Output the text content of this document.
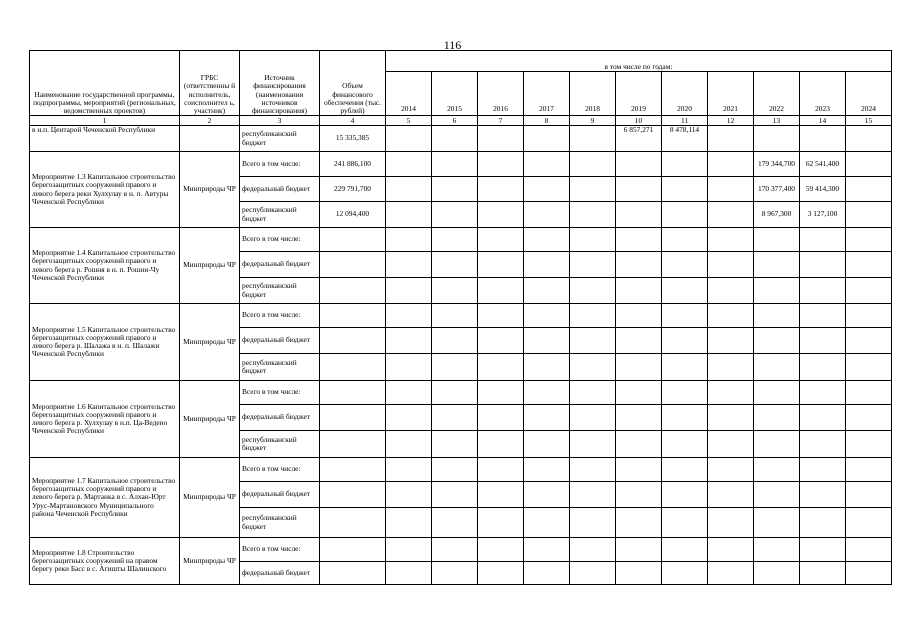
116
Наименование государственной программы, подпрограммы, мероприятий (региональных, ведомственных проектов)	ГРБС (ответственны й исполнитель, соисполнител ь, участник)	Источник финансирования (наименования источников финансирования)	Объем финансового обеспечения (тыс. рублей)	в том числе по годам:										
				2014	2015	2016	2017	2018	2019	2020	2021	2022	2023	2024
1	2	3	4	5	6	7	8	9	10	11	12	13	14	15
в н.п. Центарой Чеченской Республики		республиканский бюджет	15 335,385						6 857,271	8 478,114				
Мероприятие 1.3 Капитальное строительство берегозащитных сооружений правого и левого берега реки Хулхулау в н. п. Автуры Чеченской Республики	Минприроды ЧР	Всего в том числе:	241 886,100									179 344,700	62 541,400	
		федеральный бюджет	229 791,700									170 377,400	59 414,300	
		республиканский бюджет	12 094,400									8 967,300	3 127,100	
Мероприятие 1.4 Капитальное строительство берегозащитных сооружений правого и левого берега р. Рошня в н. п. Рошни-Чу Чеченской Республики	Минприроды ЧР	Всего в том числе:												
		федеральный бюджет												
		республиканский бюджет												
Мероприятие 1.5 Капитальное строительство берегозащитных сооружений правого и левого берега р. Шалажа в н. п. Шалажи Чеченской Республики	Минприроды ЧР	Всего в том числе:												
		федеральный бюджет												
		республиканский бюджет												
Мероприятие 1.6 Капитальное строительство берегозащитных сооружений правого и левого берега р. Хулхулау в н.п. Ца-Ведено Чеченской Республики	Минприроды ЧР	Всего в том числе:												
		федеральный бюджет												
		республиканский бюджет												
Мероприятие 1.7 Капитальное строительство берегозащитных сооружений правого и левого берега р. Мартанка в с. Алхан-Юрт Урус-Мартановского Муниципального района Чеченской Республики	Минприроды ЧР	Всего в том числе:												
		федеральный бюджет												
		республиканский бюджет												
Мероприятие 1.8 Строительство берегозащитных сооружений на правом берегу реки Басс в с. Агишты Шалинского	Минприроды ЧР	Всего в том числе:												
		федеральный бюджет												
